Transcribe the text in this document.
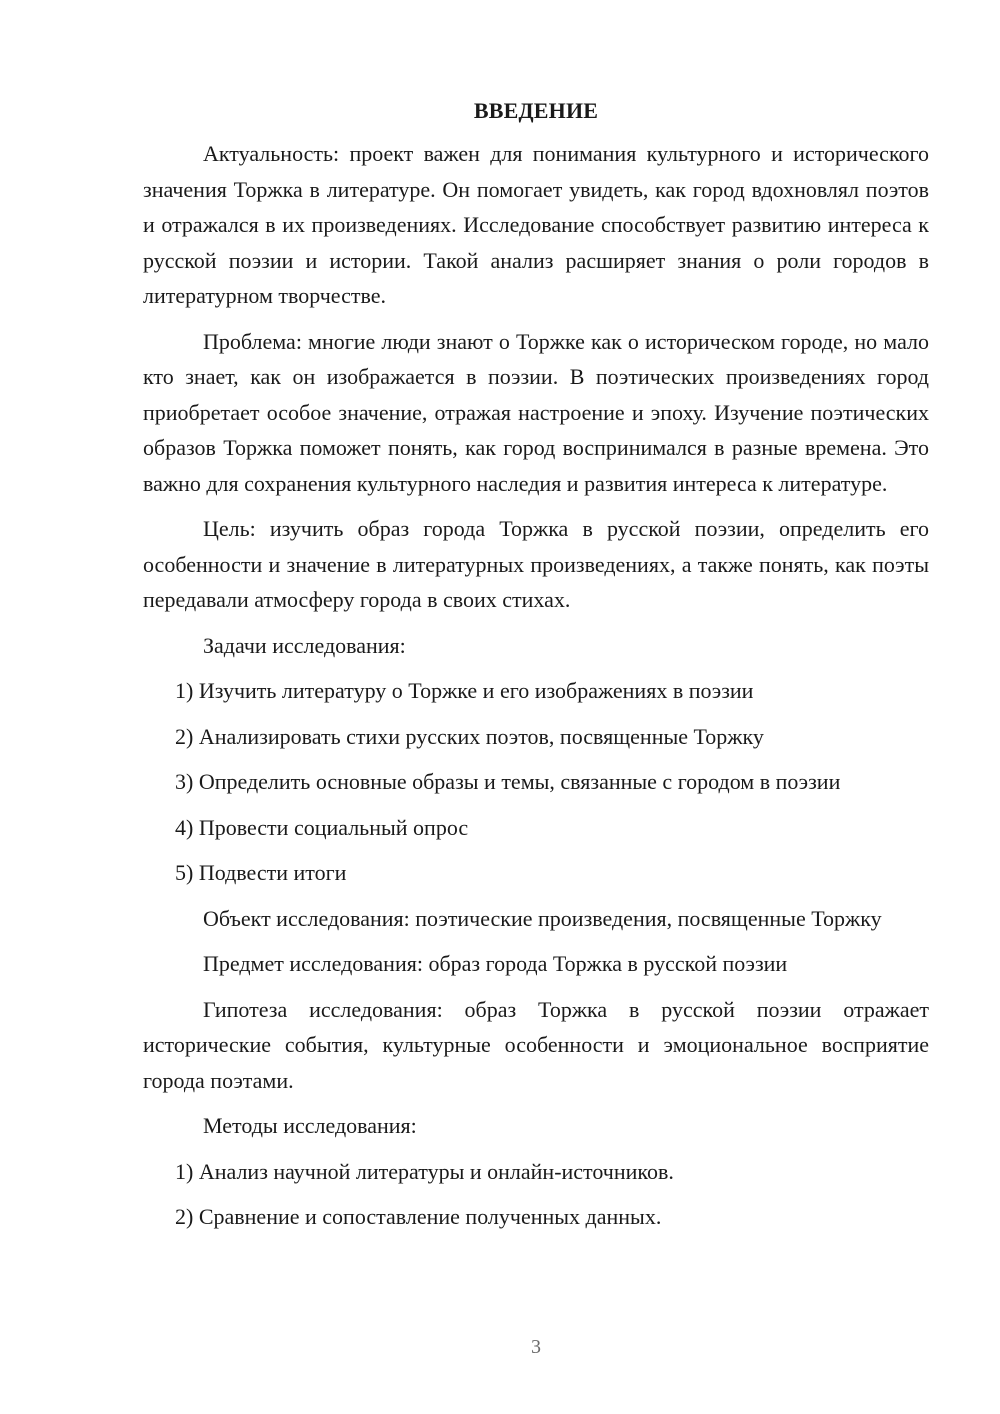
ВВЕДЕНИЕ

Актуальность: проект важен для понимания культурного и исторического значения Торжка в литературе. Он помогает увидеть, как город вдохновлял поэтов и отражался в их произведениях. Исследование способствует развитию интереса к русской поэзии и истории. Такой анализ расширяет знания о роли городов в литературном творчестве.

Проблема: многие люди знают о Торжке как о историческом городе, но мало кто знает, как он изображается в поэзии. В поэтических произведениях город приобретает особое значение, отражая настроение и эпоху. Изучение поэтических образов Торжка поможет понять, как город воспринимался в разные времена. Это важно для сохранения культурного наследия и развития интереса к литературе.

Цель: изучить образ города Торжка в русской поэзии, определить его особенности и значение в литературных произведениях, а также понять, как поэты передавали атмосферу города в своих стихах.

Задачи исследования:

1) Изучить литературу о Торжке и его изображениях в поэзии

2) Анализировать стихи русских поэтов, посвященные Торжку

3) Определить основные образы и темы, связанные с городом в поэзии

4) Провести социальный опрос

5) Подвести итоги

Объект исследования: поэтические произведения, посвященные Торжку

Предмет исследования: образ города Торжка в русской поэзии

Гипотеза исследования: образ Торжка в русской поэзии отражает исторические события, культурные особенности и эмоциональное восприятие города поэтами.

Методы исследования:

1) Анализ научной литературы и онлайн-источников.

2) Сравнение и сопоставление полученных данных.

3
